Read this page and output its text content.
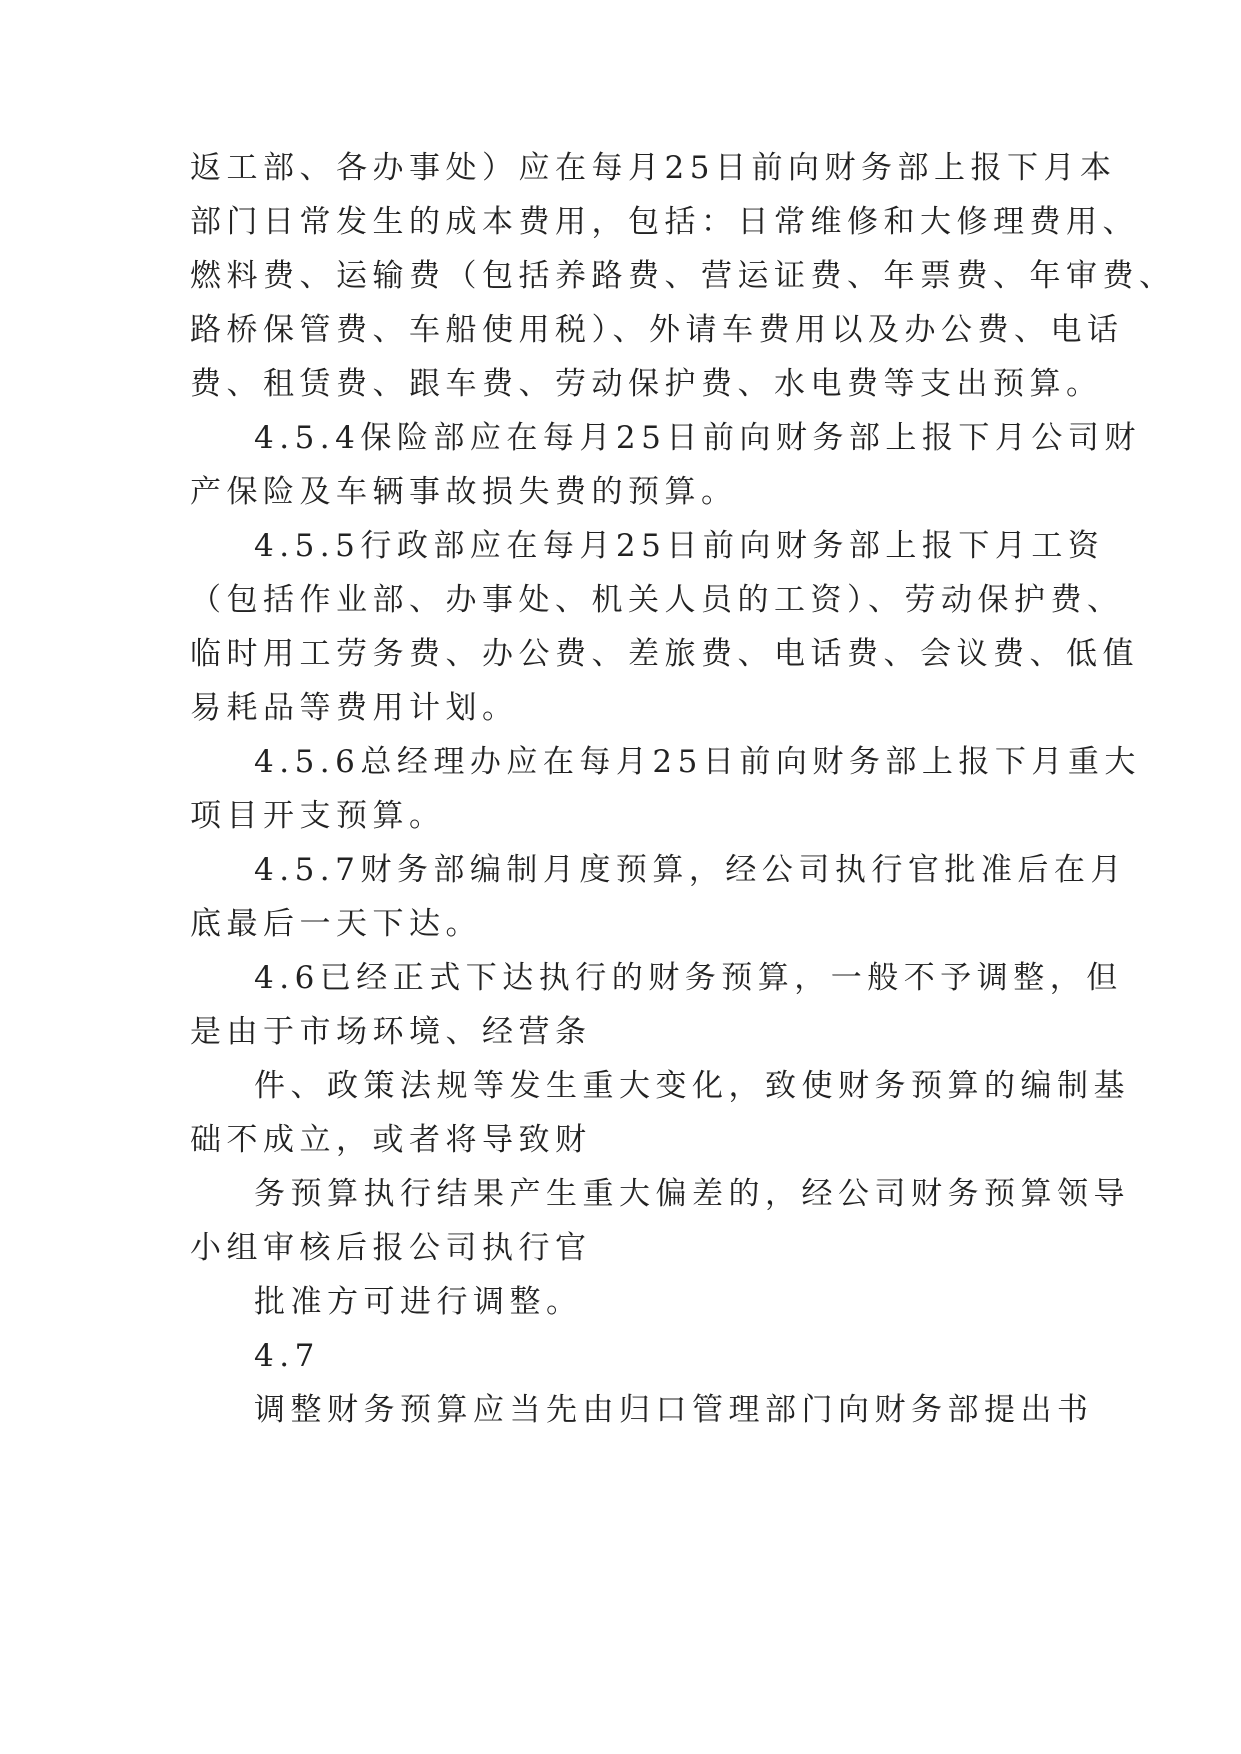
返工部、各办事处）应在每月25日前向财务部上报下月本
部门日常发生的成本费用，包括：日常维修和大修理费用、
燃料费、运输费（包括养路费、营运证费、年票费、年审费、
路桥保管费、车船使用税）、外请车费用以及办公费、电话
费、租赁费、跟车费、劳动保护费、水电费等支出预算。
4.5.4保险部应在每月25日前向财务部上报下月公司财
产保险及车辆事故损失费的预算。
4.5.5行政部应在每月25日前向财务部上报下月工资
（包括作业部、办事处、机关人员的工资）、劳动保护费、
临时用工劳务费、办公费、差旅费、电话费、会议费、低值
易耗品等费用计划。
4.5.6总经理办应在每月25日前向财务部上报下月重大
项目开支预算。
4.5.7财务部编制月度预算，经公司执行官批准后在月
底最后一天下达。
4.6已经正式下达执行的财务预算，一般不予调整，但
是由于市场环境、经营条
件、政策法规等发生重大变化，致使财务预算的编制基
础不成立，或者将导致财
务预算执行结果产生重大偏差的，经公司财务预算领导
小组审核后报公司执行官
批准方可进行调整。
4.7
调整财务预算应当先由归口管理部门向财务部提出书
